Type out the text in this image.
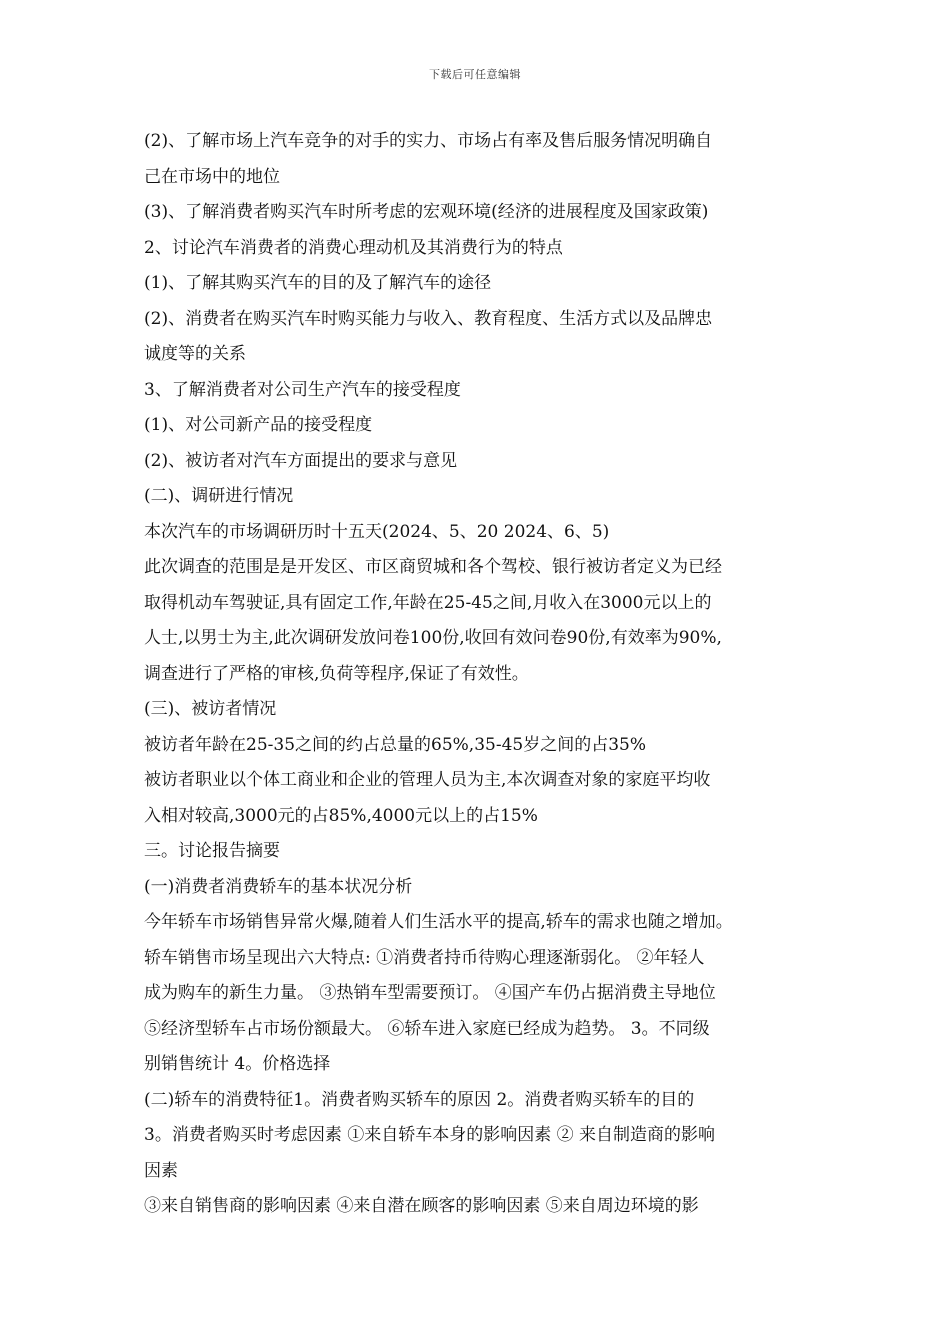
下载后可任意编辑
(2)、了解市场上汽车竞争的对手的实力、市场占有率及售后服务情况明确自
己在市场中的地位
(3)、了解消费者购买汽车时所考虑的宏观环境(经济的进展程度及国家政策)
2、讨论汽车消费者的消费心理动机及其消费行为的特点
(1)、了解其购买汽车的目的及了解汽车的途径
(2)、消费者在购买汽车时购买能力与收入、教育程度、生活方式以及品牌忠
诚度等的关系
3、了解消费者对公司生产汽车的接受程度
(1)、对公司新产品的接受程度
(2)、被访者对汽车方面提出的要求与意见
(二)、调研进行情况
本次汽车的市场调研历时十五天(2024、5、20 2024、6、5)
此次调查的范围是是开发区、市区商贸城和各个驾校、银行被访者定义为已经
取得机动车驾驶证,具有固定工作,年龄在25-45之间,月收入在3000元以上的
人士,以男士为主,此次调研发放问卷100份,收回有效问卷90份,有效率为90%,
调查进行了严格的审核,负荷等程序,保证了有效性。
(三)、被访者情况
被访者年龄在25-35之间的约占总量的65%,35-45岁之间的占35%
被访者职业以个体工商业和企业的管理人员为主,本次调查对象的家庭平均收
入相对较高,3000元的占85%,4000元以上的占15%
三。讨论报告摘要
(一)消费者消费轿车的基本状况分析
今年轿车市场销售异常火爆,随着人们生活水平的提高,轿车的需求也随之增加。
轿车销售市场呈现出六大特点: ①消费者持币待购心理逐渐弱化。 ②年轻人
成为购车的新生力量。 ③热销车型需要预订。 ④国产车仍占据消费主导地位
⑤经济型轿车占市场份额最大。 ⑥轿车进入家庭已经成为趋势。 3。不同级
别销售统计 4。价格选择
(二)轿车的消费特征1。消费者购买轿车的原因 2。消费者购买轿车的目的
3。消费者购买时考虑因素 ①来自轿车本身的影响因素 ② 来自制造商的影响
因素
③来自销售商的影响因素 ④来自潜在顾客的影响因素 ⑤来自周边环境的影
